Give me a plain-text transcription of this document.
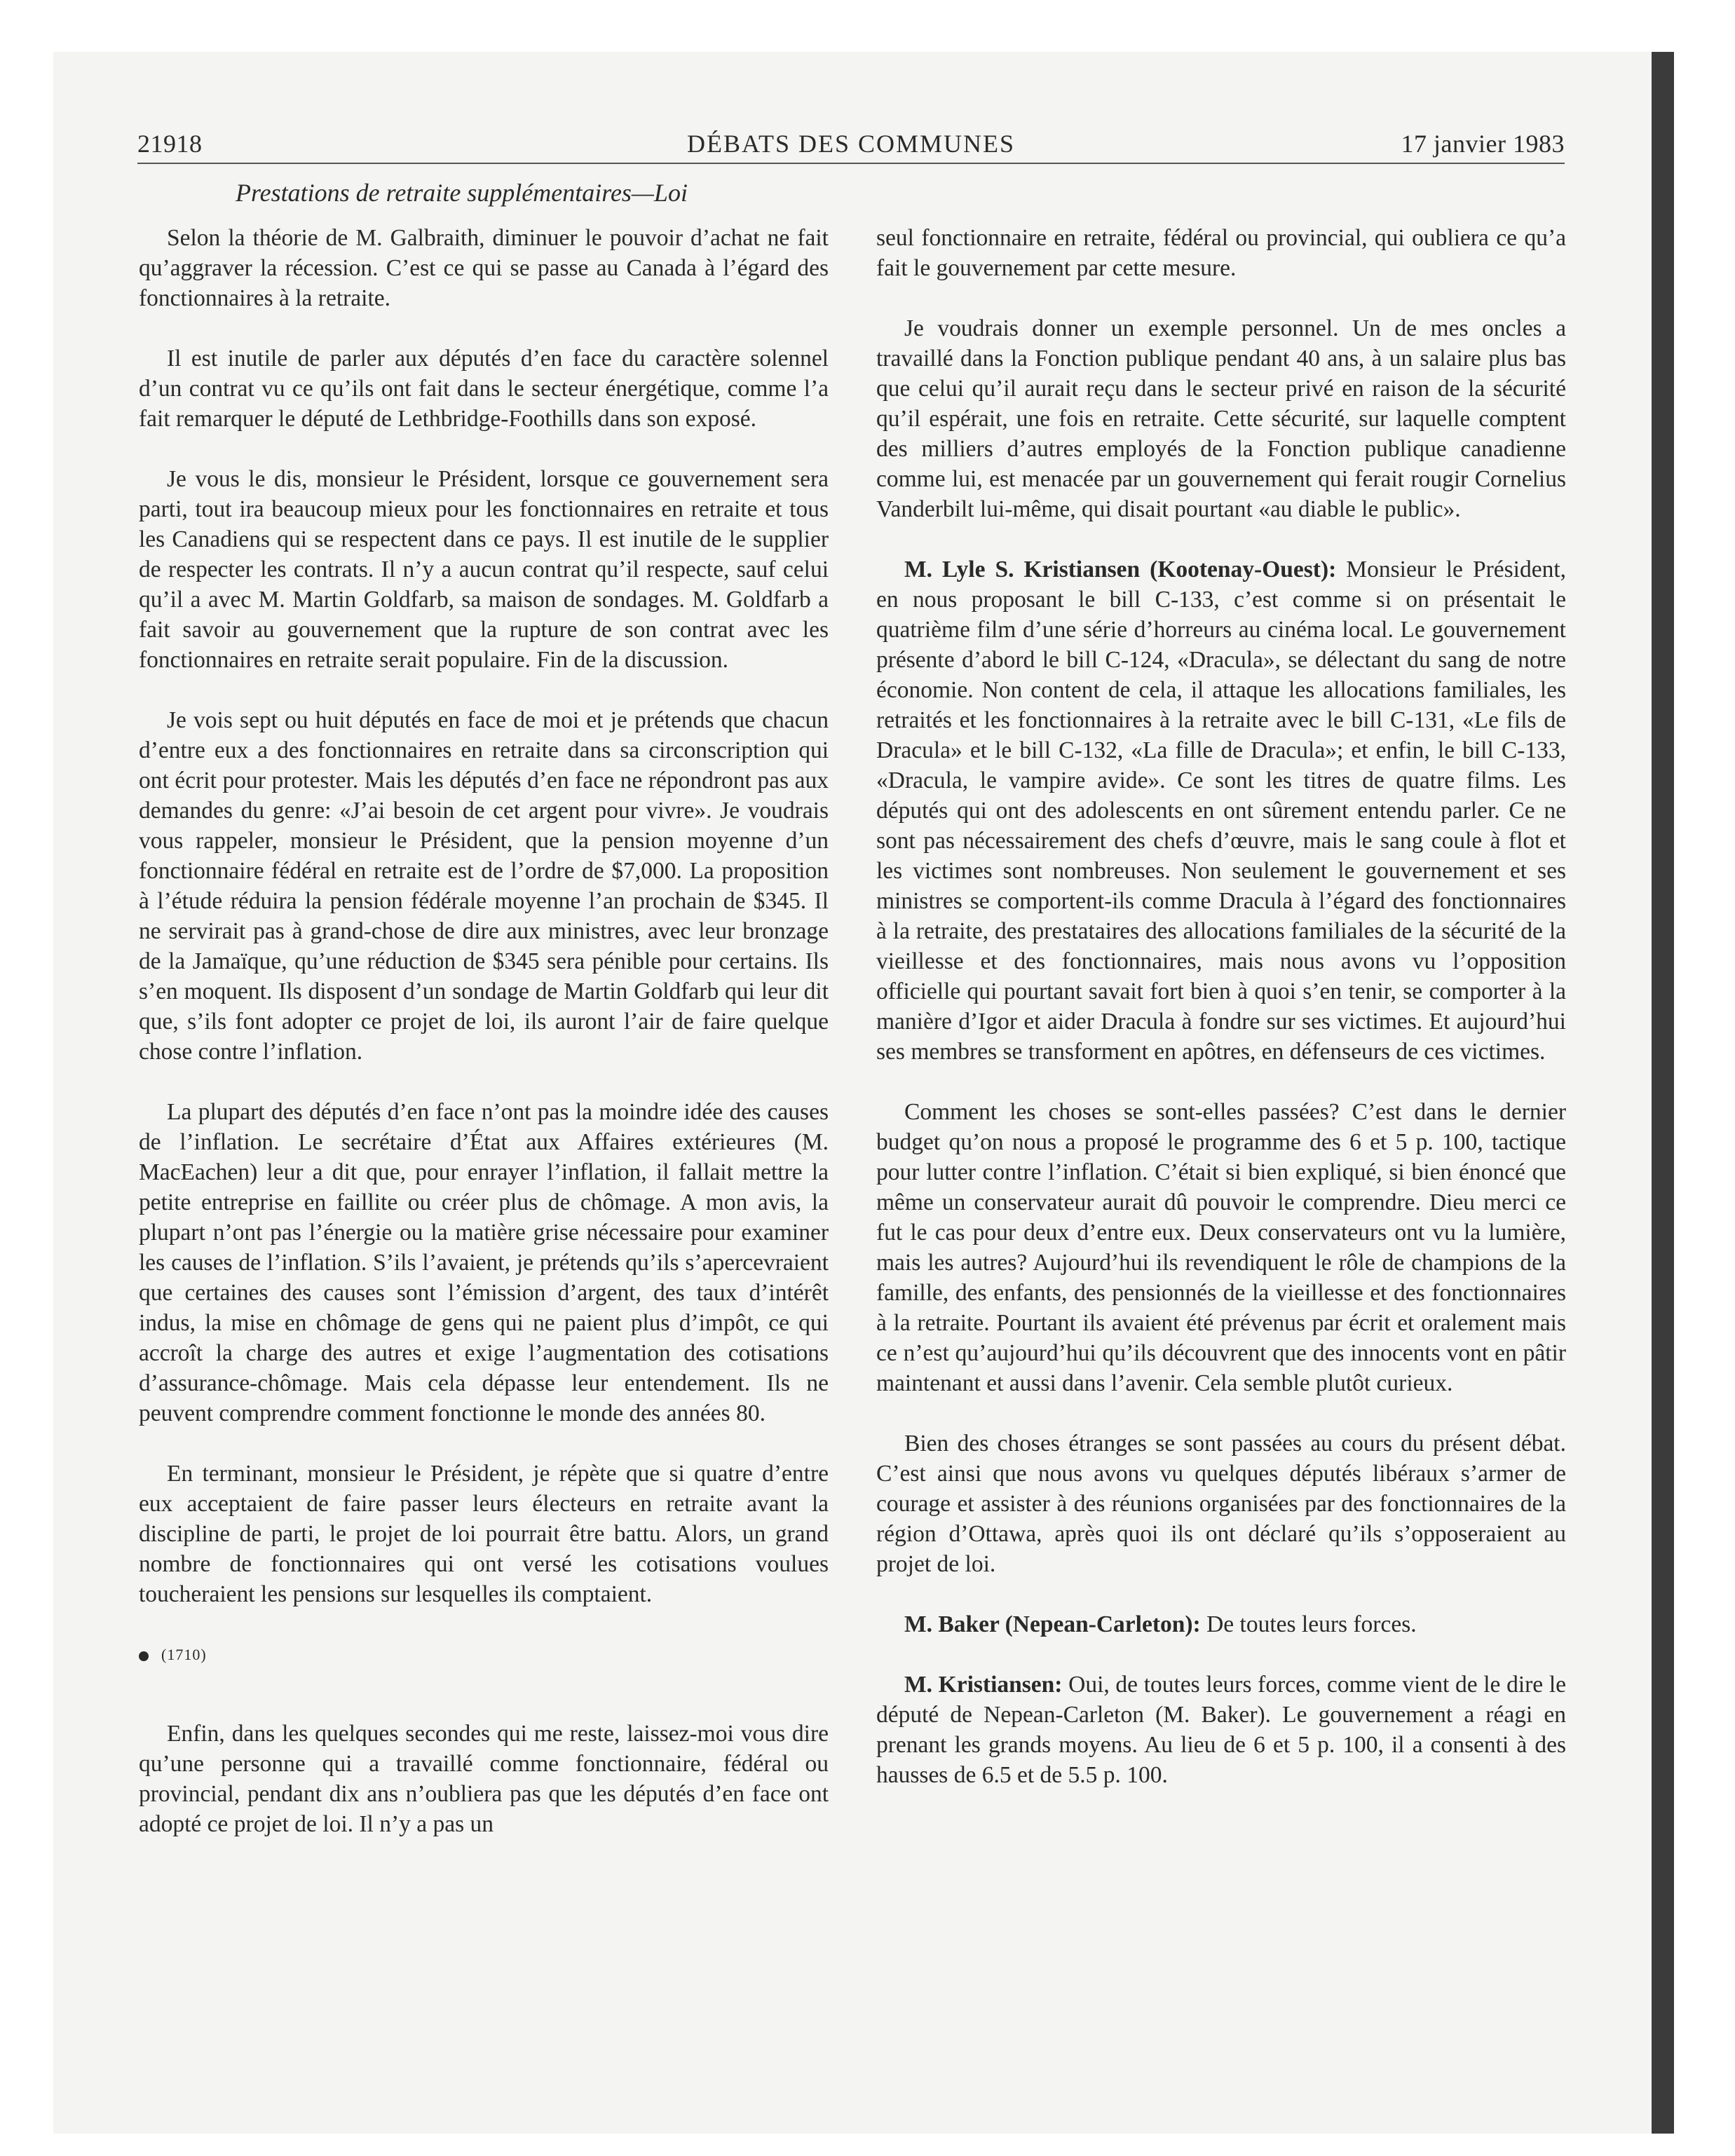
21918	DÉBATS DES COMMUNES	17 janvier 1983
Prestations de retraite supplémentaires—Loi

Selon la théorie de M. Galbraith, diminuer le pouvoir d’achat ne fait qu’aggraver la récession. C’est ce qui se passe au Canada à l’égard des fonctionnaires à la retraite.

Il est inutile de parler aux députés d’en face du caractère solennel d’un contrat vu ce qu’ils ont fait dans le secteur énergétique, comme l’a fait remarquer le député de Lethbridge-Foothills dans son exposé.

Je vous le dis, monsieur le Président, lorsque ce gouvernement sera parti, tout ira beaucoup mieux pour les fonctionnaires en retraite et tous les Canadiens qui se respectent dans ce pays. Il est inutile de le supplier de respecter les contrats. Il n’y a aucun contrat qu’il respecte, sauf celui qu’il a avec M. Martin Goldfarb, sa maison de sondages. M. Goldfarb a fait savoir au gouvernement que la rupture de son contrat avec les fonctionnaires en retraite serait populaire. Fin de la discussion.

Je vois sept ou huit députés en face de moi et je prétends que chacun d’entre eux a des fonctionnaires en retraite dans sa circonscription qui ont écrit pour protester. Mais les députés d’en face ne répondront pas aux demandes du genre: «J’ai besoin de cet argent pour vivre». Je voudrais vous rappeler, monsieur le Président, que la pension moyenne d’un fonctionnaire fédéral en retraite est de l’ordre de $7,000. La proposition à l’étude réduira la pension fédérale moyenne l’an prochain de $345. Il ne servirait pas à grand-chose de dire aux ministres, avec leur bronzage de la Jamaïque, qu’une réduction de $345 sera pénible pour certains. Ils s’en moquent. Ils disposent d’un sondage de Martin Goldfarb qui leur dit que, s’ils font adopter ce projet de loi, ils auront l’air de faire quelque chose contre l’inflation.

La plupart des députés d’en face n’ont pas la moindre idée des causes de l’inflation. Le secrétaire d’État aux Affaires extérieures (M. MacEachen) leur a dit que, pour enrayer l’inflation, il fallait mettre la petite entreprise en faillite ou créer plus de chômage. A mon avis, la plupart n’ont pas l’énergie ou la matière grise nécessaire pour examiner les causes de l’inflation. S’ils l’avaient, je prétends qu’ils s’apercevraient que certaines des causes sont l’émission d’argent, des taux d’intérêt indus, la mise en chômage de gens qui ne paient plus d’impôt, ce qui accroît la charge des autres et exige l’augmentation des cotisations d’assurance-chômage. Mais cela dépasse leur entendement. Ils ne peuvent comprendre comment fonctionne le monde des années 80.

En terminant, monsieur le Président, je répète que si quatre d’entre eux acceptaient de faire passer leurs électeurs en retraite avant la discipline de parti, le projet de loi pourrait être battu. Alors, un grand nombre de fonctionnaires qui ont versé les cotisations voulues toucheraient les pensions sur lesquelles ils comptaient.

(1710)

Enfin, dans les quelques secondes qui me reste, laissez-moi vous dire qu’une personne qui a travaillé comme fonctionnaire, fédéral ou provincial, pendant dix ans n’oubliera pas que les députés d’en face ont adopté ce projet de loi. Il n’y a pas un

seul fonctionnaire en retraite, fédéral ou provincial, qui oubliera ce qu’a fait le gouvernement par cette mesure.

Je voudrais donner un exemple personnel. Un de mes oncles a travaillé dans la Fonction publique pendant 40 ans, à un salaire plus bas que celui qu’il aurait reçu dans le secteur privé en raison de la sécurité qu’il espérait, une fois en retraite. Cette sécurité, sur laquelle comptent des milliers d’autres employés de la Fonction publique canadienne comme lui, est menacée par un gouvernement qui ferait rougir Cornelius Vanderbilt lui-même, qui disait pourtant «au diable le public».

M. Lyle S. Kristiansen (Kootenay-Ouest): Monsieur le Président, en nous proposant le bill C-133, c’est comme si on présentait le quatrième film d’une série d’horreurs au cinéma local. Le gouvernement présente d’abord le bill C-124, «Dracula», se délectant du sang de notre économie. Non content de cela, il attaque les allocations familiales, les retraités et les fonctionnaires à la retraite avec le bill C-131, «Le fils de Dracula» et le bill C-132, «La fille de Dracula»; et enfin, le bill C-133, «Dracula, le vampire avide». Ce sont les titres de quatre films. Les députés qui ont des adolescents en ont sûrement entendu parler. Ce ne sont pas nécessairement des chefs d’œuvre, mais le sang coule à flot et les victimes sont nombreuses. Non seulement le gouvernement et ses ministres se comportent-ils comme Dracula à l’égard des fonctionnaires à la retraite, des prestataires des allocations familiales de la sécurité de la vieillesse et des fonctionnaires, mais nous avons vu l’opposition officielle qui pourtant savait fort bien à quoi s’en tenir, se comporter à la manière d’Igor et aider Dracula à fondre sur ses victimes. Et aujourd’hui ses membres se transforment en apôtres, en défenseurs de ces victimes.

Comment les choses se sont-elles passées? C’est dans le dernier budget qu’on nous a proposé le programme des 6 et 5 p. 100, tactique pour lutter contre l’inflation. C’était si bien expliqué, si bien énoncé que même un conservateur aurait dû pouvoir le comprendre. Dieu merci ce fut le cas pour deux d’entre eux. Deux conservateurs ont vu la lumière, mais les autres? Aujourd’hui ils revendiquent le rôle de champions de la famille, des enfants, des pensionnés de la vieillesse et des fonctionnaires à la retraite. Pourtant ils avaient été prévenus par écrit et oralement mais ce n’est qu’aujourd’hui qu’ils découvrent que des innocents vont en pâtir maintenant et aussi dans l’avenir. Cela semble plutôt curieux.

Bien des choses étranges se sont passées au cours du présent débat. C’est ainsi que nous avons vu quelques députés libéraux s’armer de courage et assister à des réunions organisées par des fonctionnaires de la région d’Ottawa, après quoi ils ont déclaré qu’ils s’opposeraient au projet de loi.

M. Baker (Nepean-Carleton): De toutes leurs forces.

M. Kristiansen: Oui, de toutes leurs forces, comme vient de le dire le député de Nepean-Carleton (M. Baker). Le gouvernement a réagi en prenant les grands moyens. Au lieu de 6 et 5 p. 100, il a consenti à des hausses de 6.5 et de 5.5 p. 100.
